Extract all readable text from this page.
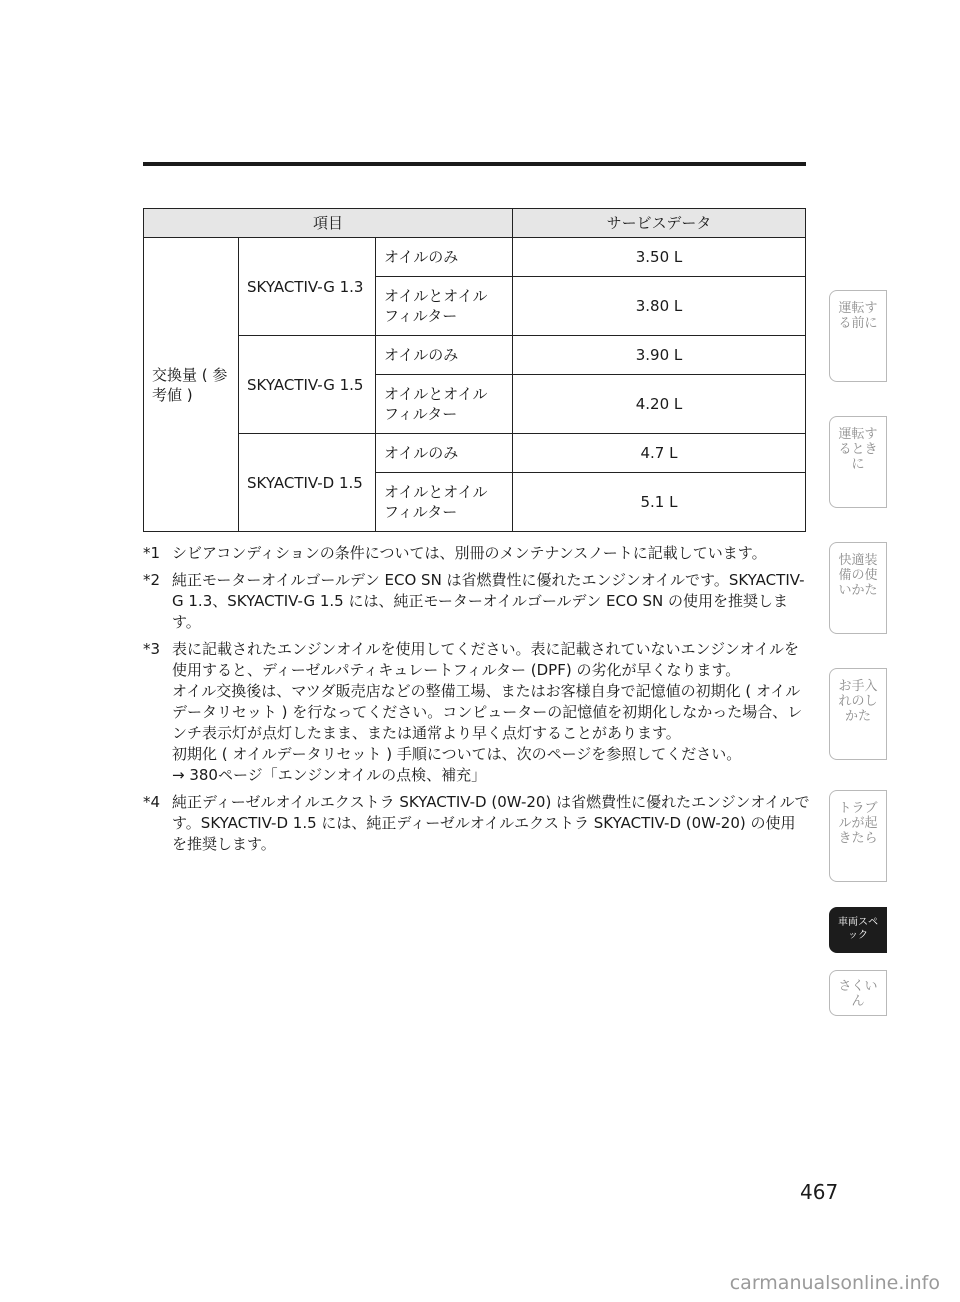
項目			サービスデータ
交換量 ( 参考値 )	SKYACTIV-G 1.3	オイルのみ	3.50 L
		オイルとオイル フィルター	3.80 L
	SKYACTIV-G 1.5	オイルのみ	3.90 L
		オイルとオイル フィルター	4.20 L
	SKYACTIV-D 1.5	オイルのみ	4.7 L
		オイルとオイル フィルター	5.1 L
*1 シビアコンディションの条件については、別冊のメンテナンスノートに記載しています。
*2 純正モーターオイルゴールデン ECO SN は省燃費性に優れたエンジンオイルです。SKYACTIV-G 1.3、SKYACTIV-G 1.5 には、純正モーターオイルゴールデン ECO SN の使用を推奨します。
*3 表に記載されたエンジンオイルを使用してください。表に記載されていないエンジンオイルを使用すると、ディーゼルパティキュレートフィルター (DPF) の劣化が早くなります。
オイル交換後は、マツダ販売店などの整備工場、またはお客様自身で記憶値の初期化 ( オイルデータリセット ) を行なってください。コンピューターの記憶値を初期化しなかった場合、レンチ表示灯が点灯したまま、または通常より早く点灯することがあります。
初期化 ( オイルデータリセット ) 手順については、次のページを参照してください。
→ 380ページ「エンジンオイルの点検、補充」
*4 純正ディーゼルオイルエクストラ SKYACTIV-D (0W-20) は省燃費性に優れたエンジンオイルです。SKYACTIV-D 1.5 には、純正ディーゼルオイルエクストラ SKYACTIV-D (0W-20) の使用を推奨します。
運転する前に
運転するときに
快適装備の使いかた
お手入れのしかた
トラブルが起きたら
車両スペック
さくいん
467
carmanualsonline.info
